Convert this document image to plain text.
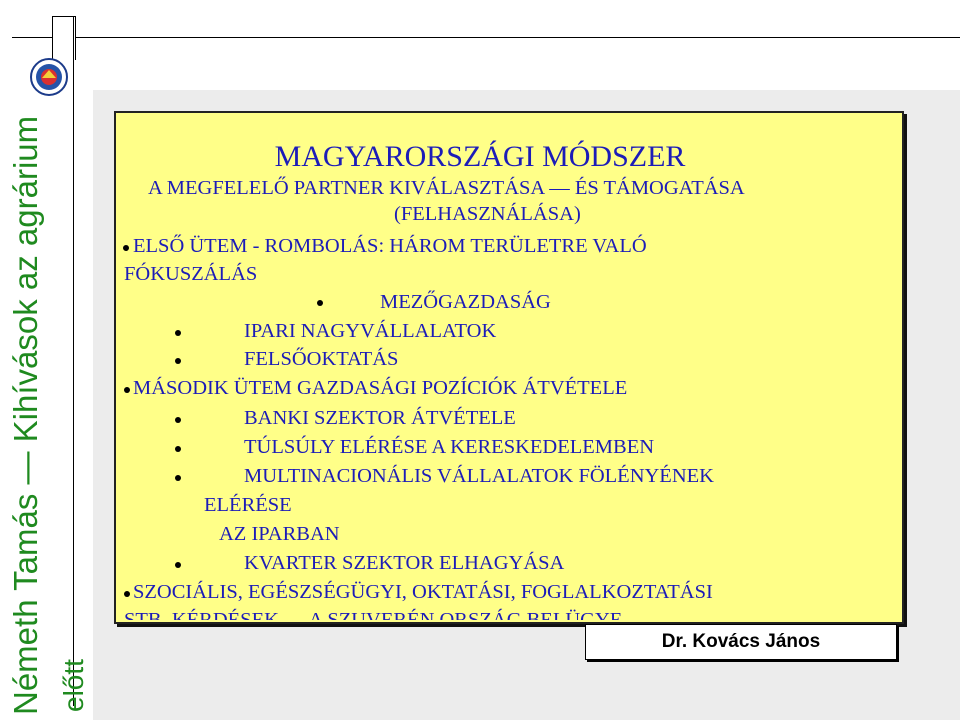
Németh Tamás — Kihívások az agrárium előtt
MAGYARORSZÁGI MÓDSZER
A MEGFELELŐ PARTNER KIVÁLASZTÁSA — ÉS TÁMOGATÁSA
(FELHASZNÁLÁSA)
ELSŐ ÜTEM - ROMBOLÁS: HÁROM TERÜLETRE VALÓ
FÓKUSZÁLÁS
MEZŐGAZDASÁG
IPARI NAGYVÁLLALATOK
FELSŐOKTATÁS
MÁSODIK ÜTEM GAZDASÁGI POZÍCIÓK ÁTVÉTELE
BANKI SZEKTOR ÁTVÉTELE
TÚLSÚLY ELÉRÉSE A KERESKEDELEMBEN
MULTINACIONÁLIS VÁLLALATOK FÖLÉNYÉNEK
ELÉRÉSE
AZ IPARBAN
KVARTER SZEKTOR ELHAGYÁSA
SZOCIÁLIS, EGÉSZSÉGÜGYI, OKTATÁSI, FOGLALKOZTATÁSI
Dr. Kovács János
